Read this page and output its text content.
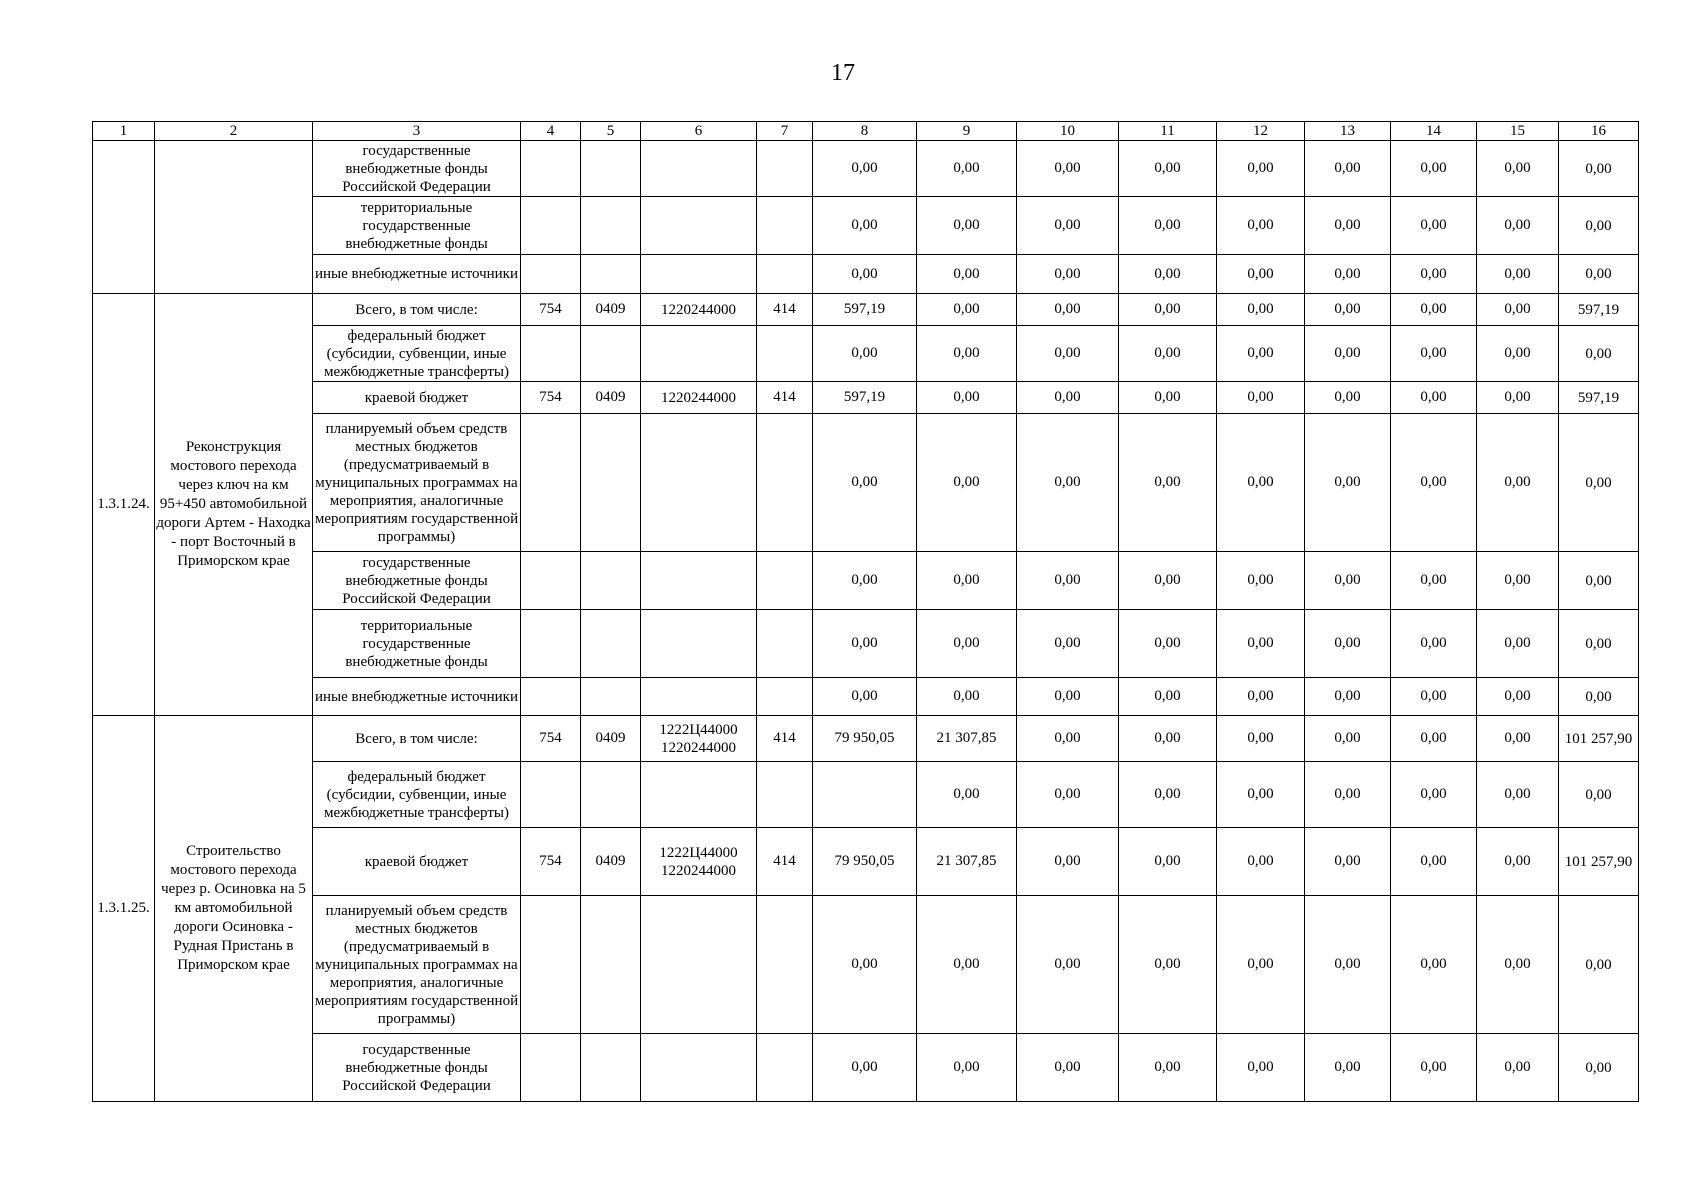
17
1	2	3	4	5	6	7	8	9	10	11	12	13	14	15	16
		государственные внебюджетные фонды Российской Федерации					0,00	0,00	0,00	0,00	0,00	0,00	0,00	0,00	0,00
		территориальные государственные внебюджетные фонды					0,00	0,00	0,00	0,00	0,00	0,00	0,00	0,00	0,00
		иные внебюджетные источники					0,00	0,00	0,00	0,00	0,00	0,00	0,00	0,00	0,00
1.3.1.24.	Реконструкция мостового перехода через ключ на км 95+450 автомобильной дороги Артем - Находка - порт Восточный в Приморском крае	Всего, в том числе:	754	0409	1220244000	414	597,19	0,00	0,00	0,00	0,00	0,00	0,00	0,00	597,19
		федеральный бюджет (субсидии, субвенции, иные межбюджетные трансферты)					0,00	0,00	0,00	0,00	0,00	0,00	0,00	0,00	0,00
		краевой бюджет	754	0409	1220244000	414	597,19	0,00	0,00	0,00	0,00	0,00	0,00	0,00	597,19
		планируемый объем средств местных бюджетов (предусматриваемый в муниципальных программах на мероприятия, аналогичные мероприятиям государственной программы)					0,00	0,00	0,00	0,00	0,00	0,00	0,00	0,00	0,00
		государственные внебюджетные фонды Российской Федерации					0,00	0,00	0,00	0,00	0,00	0,00	0,00	0,00	0,00
		территориальные государственные внебюджетные фонды					0,00	0,00	0,00	0,00	0,00	0,00	0,00	0,00	0,00
		иные внебюджетные источники					0,00	0,00	0,00	0,00	0,00	0,00	0,00	0,00	0,00
1.3.1.25.	Строительство мостового перехода через р. Осиновка на 5 км автомобильной дороги Осиновка - Рудная Пристань в Приморском крае	Всего, в том числе:	754	0409	1222Ц44000 1220244000	414	79 950,05	21 307,85	0,00	0,00	0,00	0,00	0,00	0,00	101 257,90
		федеральный бюджет (субсидии, субвенции, иные межбюджетные трансферты)						0,00	0,00	0,00	0,00	0,00	0,00	0,00	0,00
		краевой бюджет	754	0409	1222Ц44000 1220244000	414	79 950,05	21 307,85	0,00	0,00	0,00	0,00	0,00	0,00	101 257,90
		планируемый объем средств местных бюджетов (предусматриваемый в муниципальных программах на мероприятия, аналогичные мероприятиям государственной программы)					0,00	0,00	0,00	0,00	0,00	0,00	0,00	0,00	0,00
		государственные внебюджетные фонды Российской Федерации					0,00	0,00	0,00	0,00	0,00	0,00	0,00	0,00	0,00
